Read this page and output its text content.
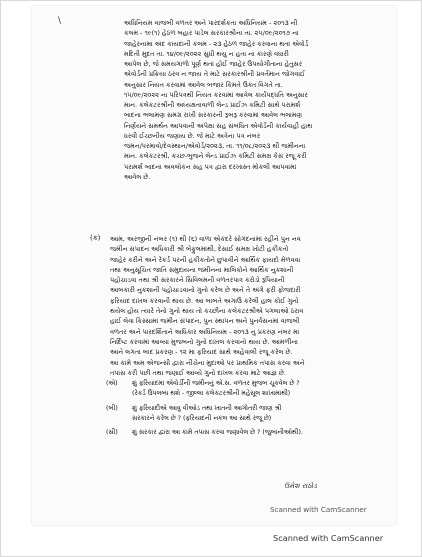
\	અધિનિયમ વાજબી વળતર અને પારદર્શકતા અધિનિયમ - ૨૦૧૩ ની
કલમ - ૧૯(૧) હેઠળ બહાર પાડેલ સરકારશ્રીના તા. ૨૫/૦૯/૨૦૧૭ ના
જાહેરનામા અંદ કાયદાની કલમ - ૨૩ હેઠળ જાહેર કરવાના થતાં એવોર્ડ
મદિતી મુદત તા. ૧૪/૦૯/૨૦૨૨ સુધી થયુ ન હતા ના કારણે વધારી
આપેલ છે, જે સમયગાળો પૂર્ણ થતાં હોઈ જાહેર ઉપયોગીતાના હેતુસર
એવોર્ડની પ્રક્રિયા ઠરવ ન જાય તે માટે સરકારશ્રીની પ્રવર્તમાન જોગવાઈ
અનુસાર નિયત કરવામાં આવેલ બજાર કિંમતે ઉક્ત વિગતે તા.
૧૫/૦૯/૨૦૨૨ ના પરિપત્રથી નિયત કરવામાં આવેલ કાર્યપદ્ધતિ અનુસાર
માન. કલેકટરશ્રીની અધ્યક્ષતાવાળી લેન્ડ પ્રાઈઝ કમિટી સાથે પરામર્શ
બાદના ભલામણ સમગ્ર રાખી સરકારની રૂબરૂ કરવામાં આવેલ ભલામણ
નિર્ણયને સમર્થન આપવાની અપેક્ષા સહ સંબંધિત એવોર્ડની કાર્યવાહી હાથ
ધરવી ઈચ્છનીય જણાય છે. જે માટે અત્રેના પત્ર નંબર
જમન/પરમાવો/દેવસ્થાન/એવોર્ડ/૨૦૨૩, તા. ૧૧/૦૮/૨૦૨૩ થી જમીનના
માન. કલેકટરશ્રી, કચ્છ-ભુજને લેન્ડ પ્રાઈઝ કમિટી સમક્ષ કેસ રજૂ કરી
પરામર્શ બાદના અવલોકન સહ પત્ર દ્વારા દરખાસ્ત મોકલી આપવામાં
આવેલ છે.
(ક) આમ, અરજીની નંબર (૧) થી (૬) વાળા એકંદરે સોગંદનામાં રહીને પુન નવ
જમીન સંપાદન અધિકારી શ્રી બેફુલમાંથી, દેસાઈ સમક્ષ ખોટી હકીકતો
જાહેર કરીને અને રેકર્ડ પરની હકીકતોને છુપાવીને આર્થિક ફાયદો મેળવવા
તથા અનુસૂચિત જાતિ સમુદાયના જમીનના માલિકોને આર્થિક નુકશાની
પહોચાડવા તથા શ્રી સરકારને સિવિલમની વળતરપાત્ર કરોડો રૂપિયાની
આબકારી નુકશાની પહોચાડવાનો ગુનો કરેલ છે અને તે અંગે ફરી ફોજદારી
ફરિયાદ દાખલ કરવાની થાય છે. આ બાબતે અગાઉ કરેલી હાલ કોઈ ગુનો
થયેલ હોય ત્યારે તેનો ગુનો થાય તો કચ્છીના કલેકટરશ્રીએ પગલાઓ ઠરાવ
હાઈ લેવા કિસ્સામાં જમીન સંપાદન, પુન સ્થાપન અને પુનર્વસનમાં વાજબી
વળતર અને પારદર્શિતાને અધિકાર અધિનિયમ - ૨૦૧૩ નુ પ્રકરણ નંબર માં
નિર્દિષ્ટ કરવામાં આવ્યા મુજબનો ગુનો દાખલ કરવાનો થાય છે. આમળીના
આને લગતા બાદ પ્રકરણ - ૧૨ મા ફરિયાદ સાથે અહેવાલી રજૂ કરેલ છે.
આ કામે અમ એજન્સી દ્વારા નીચેના મુદાઓ પર પ્રાથમિક તપાસ કરવા અને
તપાસ કરી પછી તથા જણાઈ આવ્યે ગુનો દાખલ કરવા માટે આજ્ઞ છે.
(એ)	શું ફરિયાદમાં એવોર્ડીની જમીનનું એ.સ. વળતર મુજબ ચૂકવેલ છે ?
(રેકર્ડ ઉપલબ્ધ થશે - જીલ્લા કલેકટરશ્રીની મહેસૂલ શાખામાંથી)
(બી)	શું ફરિયાદીએ આવુ વીઓડ તથા ખાતની આગોતરી જાણ શ્રી
સરકારને કરેલ છે ? (ફરિયાદની નકલ આ સાથે રજૂ છે)
(સી)	શું સરકાર દ્વારા આ કામે તપાસ કરવા જણાવેલ છે ? (જુબાનીઓથી).
ઉમેશ રાઠોડ
Scanned with CamScanner
Scanned with CamScanner
